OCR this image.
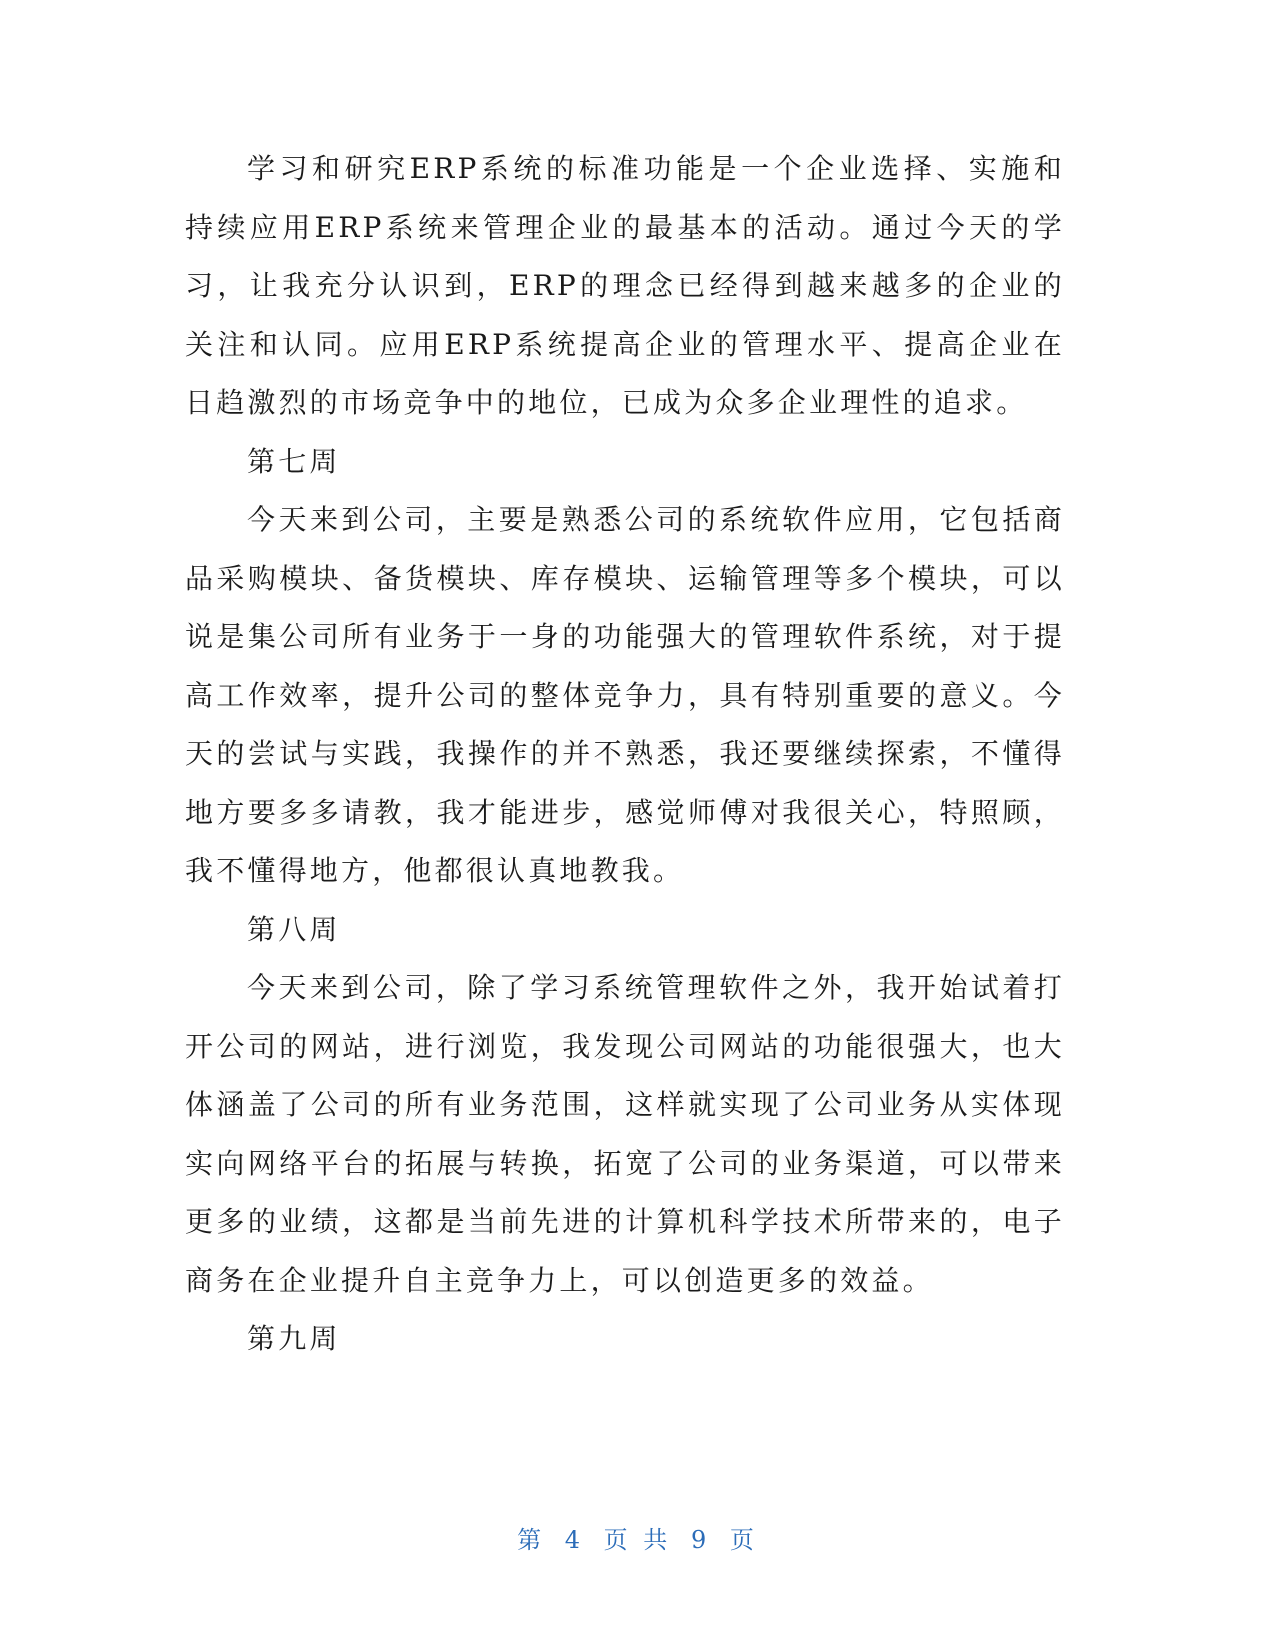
学习和研究ERP系统的标准功能是一个企业选择、实施和持续应用ERP系统来管理企业的最基本的活动。通过今天的学习，让我充分认识到，ERP的理念已经得到越来越多的企业的关注和认同。应用ERP系统提高企业的管理水平、提高企业在日趋激烈的市场竞争中的地位，已成为众多企业理性的追求。

第七周

今天来到公司，主要是熟悉公司的系统软件应用，它包括商品采购模块、备货模块、库存模块、运输管理等多个模块，可以说是集公司所有业务于一身的功能强大的管理软件系统，对于提高工作效率，提升公司的整体竞争力，具有特别重要的意义。今天的尝试与实践，我操作的并不熟悉，我还要继续探索，不懂得地方要多多请教，我才能进步，感觉师傅对我很关心，特照顾，我不懂得地方，他都很认真地教我。

第八周

今天来到公司，除了学习系统管理软件之外，我开始试着打开公司的网站，进行浏览，我发现公司网站的功能很强大，也大体涵盖了公司的所有业务范围，这样就实现了公司业务从实体现实向网络平台的拓展与转换，拓宽了公司的业务渠道，可以带来更多的业绩，这都是当前先进的计算机科学技术所带来的，电子商务在企业提升自主竞争力上，可以创造更多的效益。

第九周

第 4 页 共 9 页
